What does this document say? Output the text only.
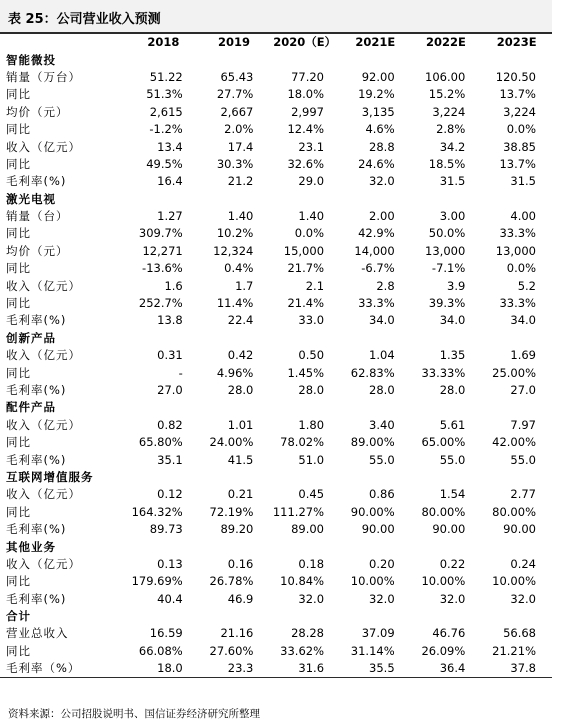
表 25：公司营业收入预测
	2018	2019	2020（E）	2021E	2022E	2023E
智能微投						
销量（万台）	51.22	65.43	77.20	92.00	106.00	120.50
同比	51.3%	27.7%	18.0%	19.2%	15.2%	13.7%
均价（元）	2,615	2,667	2,997	3,135	3,224	3,224
同比	-1.2%	2.0%	12.4%	4.6%	2.8%	0.0%
收入（亿元）	13.4	17.4	23.1	28.8	34.2	38.85
同比	49.5%	30.3%	32.6%	24.6%	18.5%	13.7%
毛利率(%)	16.4	21.2	29.0	32.0	31.5	31.5
激光电视						
销量（台）	1.27	1.40	1.40	2.00	3.00	4.00
同比	309.7%	10.2%	0.0%	42.9%	50.0%	33.3%
均价（元）	12,271	12,324	15,000	14,000	13,000	13,000
同比	-13.6%	0.4%	21.7%	-6.7%	-7.1%	0.0%
收入（亿元）	1.6	1.7	2.1	2.8	3.9	5.2
同比	252.7%	11.4%	21.4%	33.3%	39.3%	33.3%
毛利率(%)	13.8	22.4	33.0	34.0	34.0	34.0
创新产品						
收入（亿元）	0.31	0.42	0.50	1.04	1.35	1.69
同比	-	4.96%	1.45%	62.83%	33.33%	25.00%
毛利率(%)	27.0	28.0	28.0	28.0	28.0	27.0
配件产品						
收入（亿元）	0.82	1.01	1.80	3.40	5.61	7.97
同比	65.80%	24.00%	78.02%	89.00%	65.00%	42.00%
毛利率(%)	35.1	41.5	51.0	55.0	55.0	55.0
互联网增值服务						
收入（亿元）	0.12	0.21	0.45	0.86	1.54	2.77
同比	164.32%	72.19%	111.27%	90.00%	80.00%	80.00%
毛利率(%)	89.73	89.20	89.00	90.00	90.00	90.00
其他业务						
收入（亿元）	0.13	0.16	0.18	0.20	0.22	0.24
同比	179.69%	26.78%	10.84%	10.00%	10.00%	10.00%
毛利率(%)	40.4	46.9	32.0	32.0	32.0	32.0
合计						
营业总收入	16.59	21.16	28.28	37.09	46.76	56.68
同比	66.08%	27.60%	33.62%	31.14%	26.09%	21.21%
毛利率（%）	18.0	23.3	31.6	35.5	36.4	37.8
资料来源：公司招股说明书、国信证券经济研究所整理
